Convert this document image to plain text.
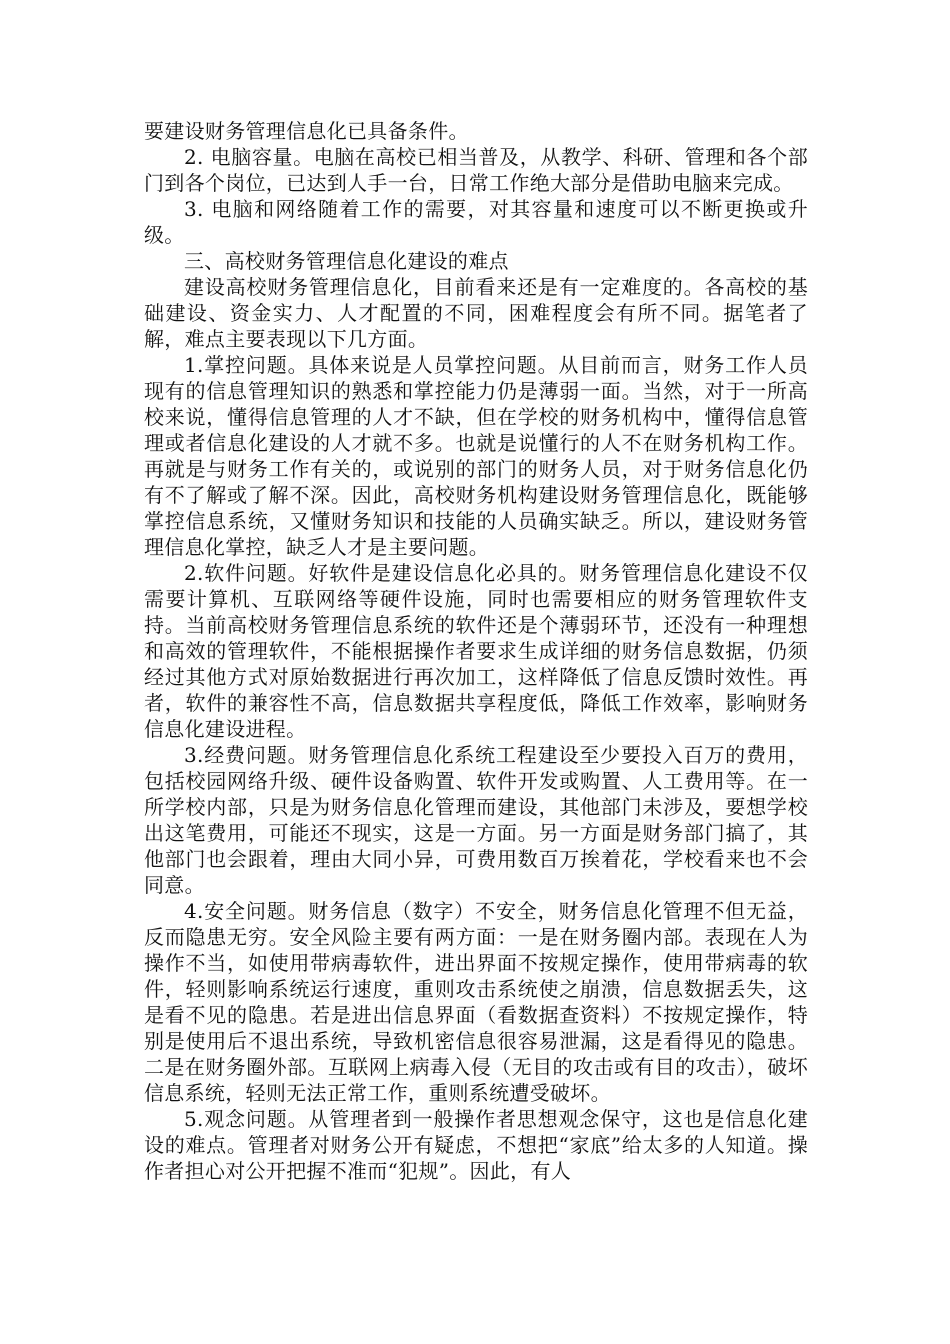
要建设财务管理信息化已具备条件。

2. 电脑容量。电脑在高校已相当普及，从教学、科研、管理和各个部门到各个岗位，已达到人手一台，日常工作绝大部分是借助电脑来完成。

3. 电脑和网络随着工作的需要，对其容量和速度可以不断更换或升级。

三、高校财务管理信息化建设的难点

建设高校财务管理信息化，目前看来还是有一定难度的。各高校的基础建设、资金实力、人才配置的不同，困难程度会有所不同。据笔者了解，难点主要表现以下几方面。

1.掌控问题。具体来说是人员掌控问题。从目前而言，财务工作人员现有的信息管理知识的熟悉和掌控能力仍是薄弱一面。当然，对于一所高校来说，懂得信息管理的人才不缺，但在学校的财务机构中，懂得信息管理或者信息化建设的人才就不多。也就是说懂行的人不在财务机构工作。再就是与财务工作有关的，或说别的部门的财务人员，对于财务信息化仍有不了解或了解不深。因此，高校财务机构建设财务管理信息化，既能够掌控信息系统，又懂财务知识和技能的人员确实缺乏。所以，建设财务管理信息化掌控，缺乏人才是主要问题。

2.软件问题。好软件是建设信息化必具的。财务管理信息化建设不仅需要计算机、互联网络等硬件设施，同时也需要相应的财务管理软件支持。当前高校财务管理信息系统的软件还是个薄弱环节，还没有一种理想和高效的管理软件，不能根据操作者要求生成详细的财务信息数据，仍须经过其他方式对原始数据进行再次加工，这样降低了信息反馈时效性。再者，软件的兼容性不高，信息数据共享程度低，降低工作效率，影响财务信息化建设进程。

3.经费问题。财务管理信息化系统工程建设至少要投入百万的费用，包括校园网络升级、硬件设备购置、软件开发或购置、人工费用等。在一所学校内部，只是为财务信息化管理而建设，其他部门未涉及，要想学校出这笔费用，可能还不现实，这是一方面。另一方面是财务部门搞了，其他部门也会跟着，理由大同小异，可费用数百万挨着花，学校看来也不会同意。

4.安全问题。财务信息（数字）不安全，财务信息化管理不但无益，反而隐患无穷。安全风险主要有两方面：一是在财务圈内部。表现在人为操作不当，如使用带病毒软件，进出界面不按规定操作，使用带病毒的软件，轻则影响系统运行速度，重则攻击系统使之崩溃，信息数据丢失，这是看不见的隐患。若是进出信息界面（看数据查资料）不按规定操作，特别是使用后不退出系统，导致机密信息很容易泄漏，这是看得见的隐患。二是在财务圈外部。互联网上病毒入侵（无目的攻击或有目的攻击），破坏信息系统，轻则无法正常工作，重则系统遭受破坏。

5.观念问题。从管理者到一般操作者思想观念保守，这也是信息化建设的难点。管理者对财务公开有疑虑，不想把“家底”给太多的人知道。操作者担心对公开把握不准而“犯规”。因此，有人
